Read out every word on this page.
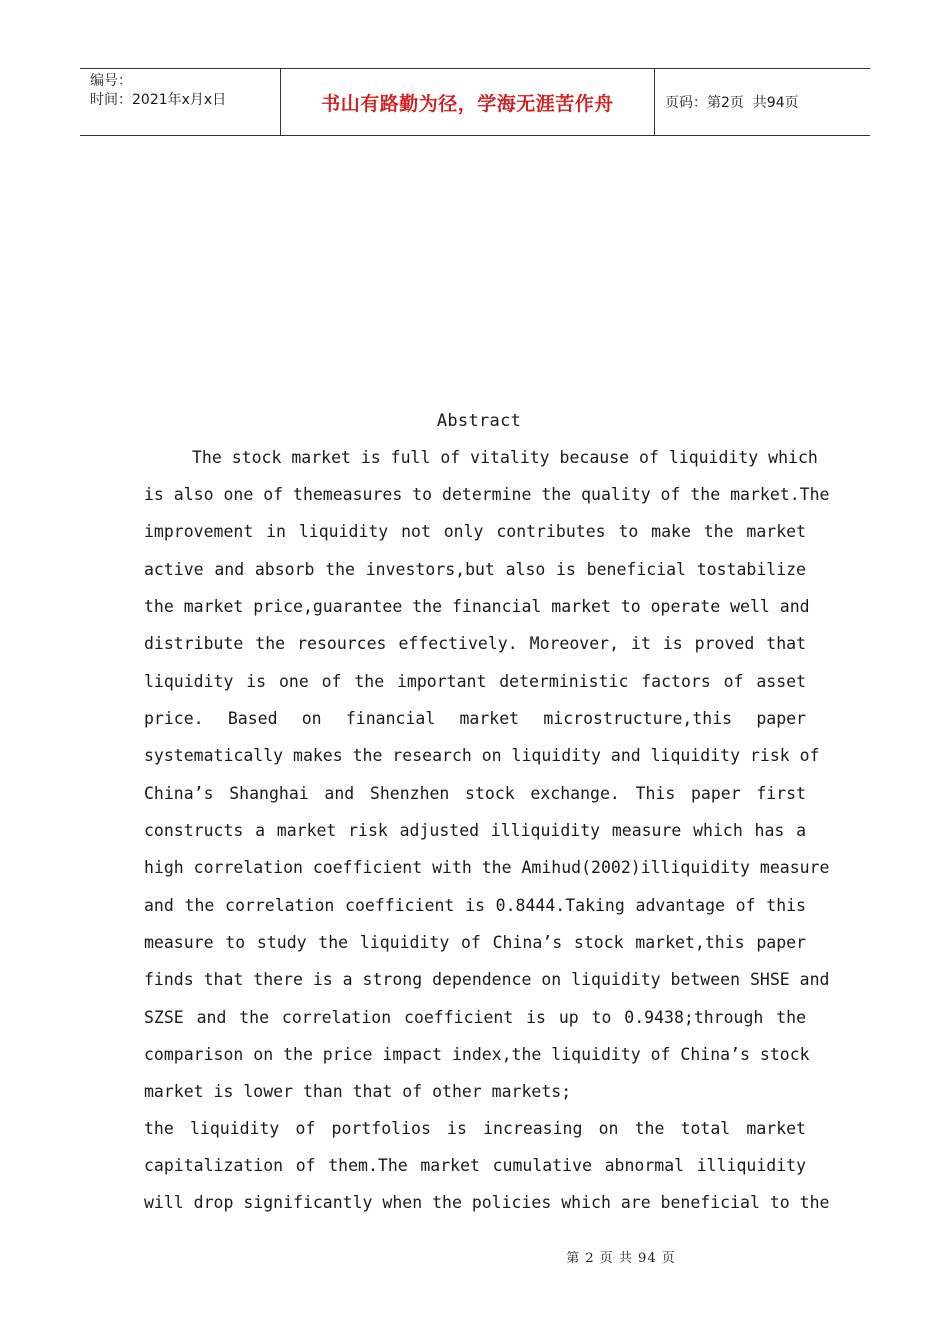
编号：
时间：2021年x月x日	书山有路勤为径，学海无涯苦作舟	页码：第2页  共94页
Abstract
The stock market is full of vitality because of liquidity which
is also one of themeasures to determine the quality of the market.The
improvement in liquidity not only contributes to make the market
active and absorb the investors,but also is beneficial tostabilize
the market price,guarantee the financial market to operate well and
distribute the resources effectively. Moreover, it is proved that
liquidity is one of the important deterministic factors of asset
price. Based on financial market microstructure,this paper
systematically makes the research on liquidity and liquidity risk of
China’s Shanghai and Shenzhen stock exchange. This paper first
constructs a market risk adjusted illiquidity measure which has a
high correlation coefficient with the Amihud(2002)illiquidity measure
and the correlation coefficient is 0.8444.Taking advantage of this
measure to study the liquidity of China’s stock market,this paper
finds that there is a strong dependence on liquidity between SHSE and
SZSE and the correlation coefficient is up to 0.9438;through the
comparison on the price impact index,the liquidity of China’s stock
market is lower than that of other markets;
the liquidity of portfolios is increasing on the total market
capitalization of them.The market cumulative abnormal illiquidity
will drop significantly when the policies which are beneficial to the
第 2 页 共 94 页
